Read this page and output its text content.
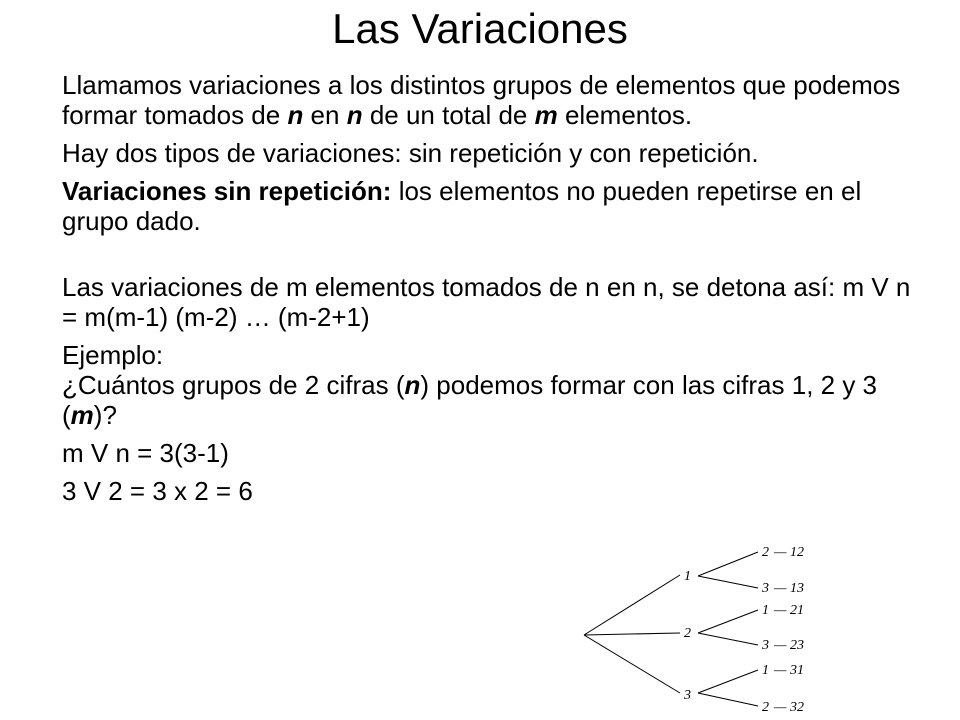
Las Variaciones

Llamamos variaciones a los distintos grupos de elementos que podemos formar tomados de n en n de un total de m elementos.

Hay dos tipos de variaciones: sin repetición y con repetición.

Variaciones sin repetición: los elementos no pueden repetirse en el grupo dado.

Las variaciones de m elementos tomados de n en n, se detona así: m V n = m(m-1) (m-2) … (m-2+1)

Ejemplo:

¿Cuántos grupos de 2 cifras (n) podemos formar con las cifras 1, 2 y 3 (m)?

m V n = 3(3-1)

3 V 2 = 3 x 2 = 6

1
2
3
2 — 12
3 — 13
1 — 21
3 — 23
1 — 31
2 — 32
